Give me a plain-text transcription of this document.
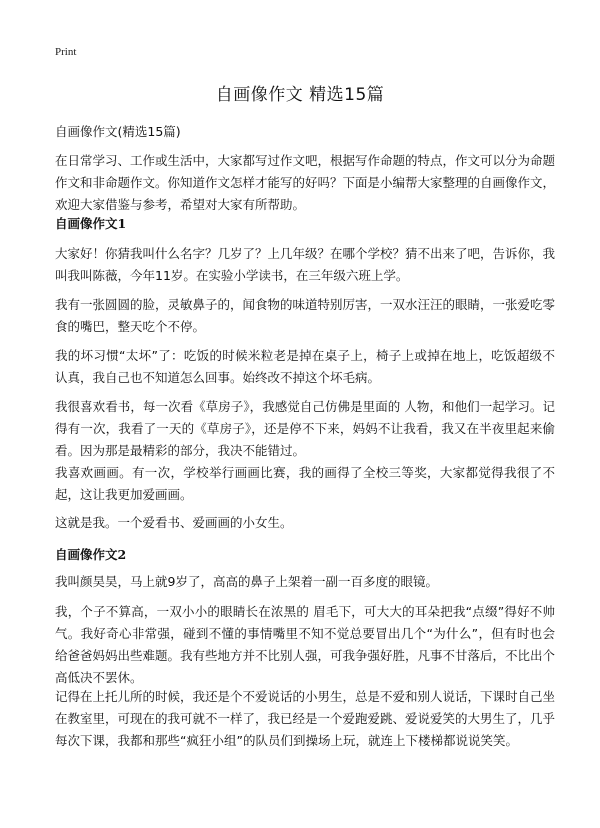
Print
自画像作文 精选15篇
自画像作文(精选15篇)

在日常学习、工作或生活中，大家都写过作文吧，根据写作命题的特点，作文可以分为命题作文和非命题作文。你知道作文怎样才能写的好吗？下面是小编帮大家整理的自画像作文，欢迎大家借鉴与参考，希望对大家有所帮助。

自画像作文1

大家好！你猜我叫什么名字？几岁了？上几年级？在哪个学校？猜不出来了吧，告诉你，我叫我叫陈薇，今年11岁。在实验小学读书，在三年级六班上学。

我有一张圆圆的脸，灵敏鼻子的，闻食物的味道特别厉害，一双水汪汪的眼睛，一张爱吃零食的嘴巴，整天吃个不停。

我的坏习惯“太坏”了：吃饭的时候米粒老是掉在桌子上，椅子上或掉在地上，吃饭超级不认真，我自己也不知道怎么回事。始终改不掉这个坏毛病。

我很喜欢看书，每一次看《草房子》，我感觉自己仿佛是里面的 人物，和他们一起学习。记得有一次，我看了一天的《草房子》，还是停不下来，妈妈不让我看，我又在半夜里起来偷看。因为那是最精彩的部分，我决不能错过。

我喜欢画画。有一次，学校举行画画比赛，我的画得了全校三等奖，大家都觉得我很了不起，这让我更加爱画画。

这就是我。一个爱看书、爱画画的小女生。

自画像作文2

我叫颜昊昊，马上就9岁了，高高的鼻子上架着一副一百多度的眼镜。

我，个子不算高，一双小小的眼睛长在浓黑的 眉毛下，可大大的耳朵把我“点缀”得好不帅气。我好奇心非常强，碰到不懂的事情嘴里不知不觉总要冒出几个“为什么”，但有时也会给爸爸妈妈出些难题。我有些地方并不比别人强，可我争强好胜，凡事不甘落后，不比出个高低决不罢休。

记得在上托儿所的时候，我还是个不爱说话的小男生，总是不爱和别人说话，下课时自己坐在教室里，可现在的我可就不一样了，我已经是一个爱跑爱跳、爱说爱笑的大男生了，几乎每次下课，我都和那些“疯狂小组”的队员们到操场上玩，就连上下楼梯都说说笑笑。
